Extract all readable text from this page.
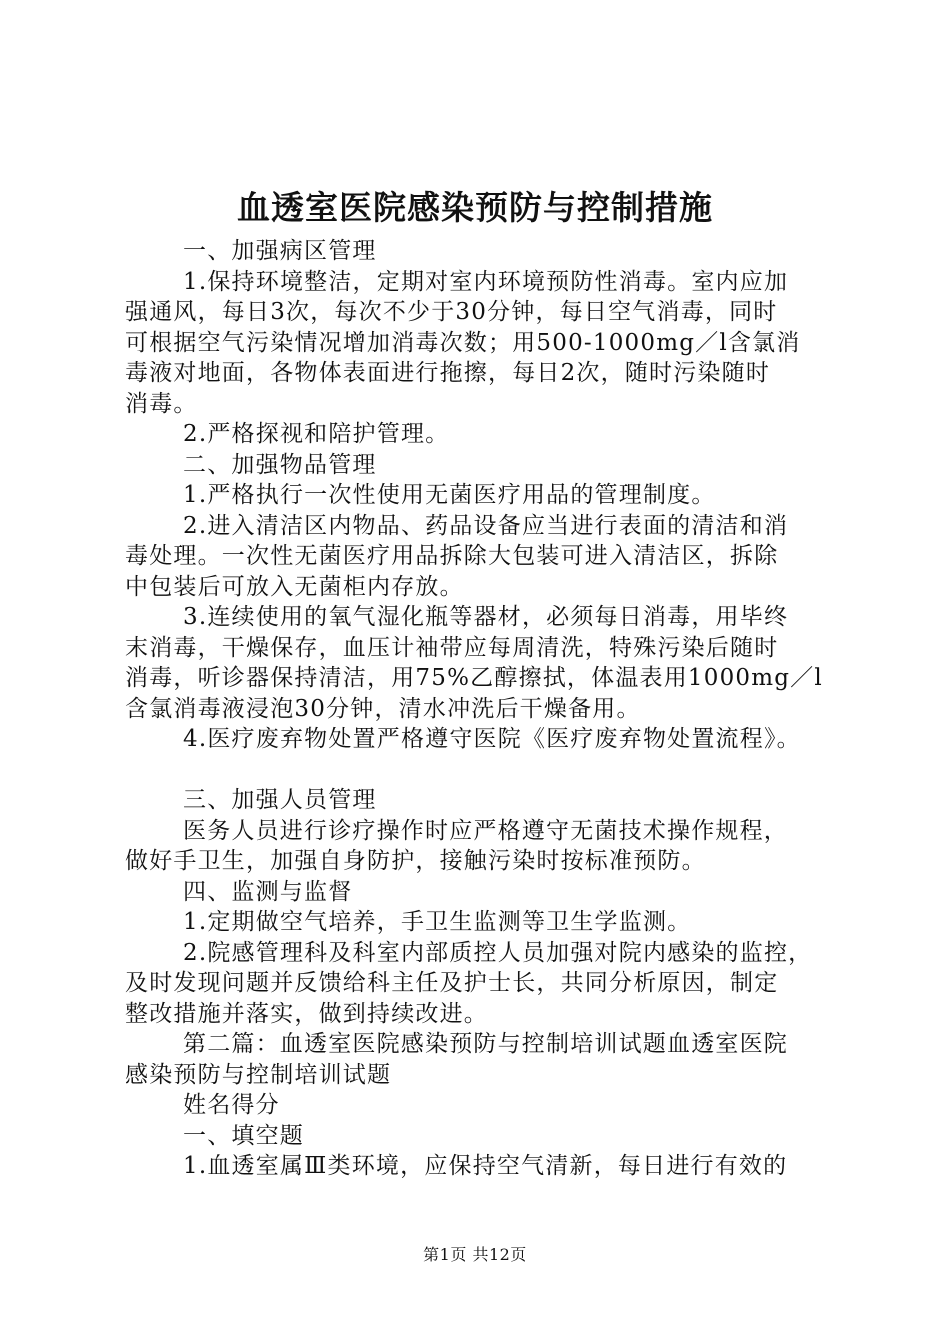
血透室医院感染预防与控制措施
一、加强病区管理
1.保持环境整洁，定期对室内环境预防性消毒。室内应加
强通风，每日3次，每次不少于30分钟，每日空气消毒，同时
可根据空气污染情况增加消毒次数；用500-1000mg／l含氯消
毒液对地面，各物体表面进行拖擦，每日2次，随时污染随时
消毒。
2.严格探视和陪护管理。
二、加强物品管理
1.严格执行一次性使用无菌医疗用品的管理制度。
2.进入清洁区内物品、药品设备应当进行表面的清洁和消
毒处理。一次性无菌医疗用品拆除大包装可进入清洁区，拆除
中包装后可放入无菌柜内存放。
3.连续使用的氧气湿化瓶等器材，必须每日消毒，用毕终
末消毒，干燥保存，血压计袖带应每周清洗，特殊污染后随时
消毒，听诊器保持清洁，用75%乙醇擦拭，体温表用1000mg／l
含氯消毒液浸泡30分钟，清水冲洗后干燥备用。
4.医疗废弃物处置严格遵守医院《医疗废弃物处置流程》。
三、加强人员管理
医务人员进行诊疗操作时应严格遵守无菌技术操作规程，
做好手卫生，加强自身防护，接触污染时按标准预防。
四、监测与监督
1.定期做空气培养，手卫生监测等卫生学监测。
2.院感管理科及科室内部质控人员加强对院内感染的监控，
及时发现问题并反馈给科主任及护士长，共同分析原因，制定
整改措施并落实，做到持续改进。
第二篇：血透室医院感染预防与控制培训试题血透室医院
感染预防与控制培训试题
姓名得分
一、填空题
1.血透室属Ⅲ类环境，应保持空气清新，每日进行有效的
第1页 共12页
